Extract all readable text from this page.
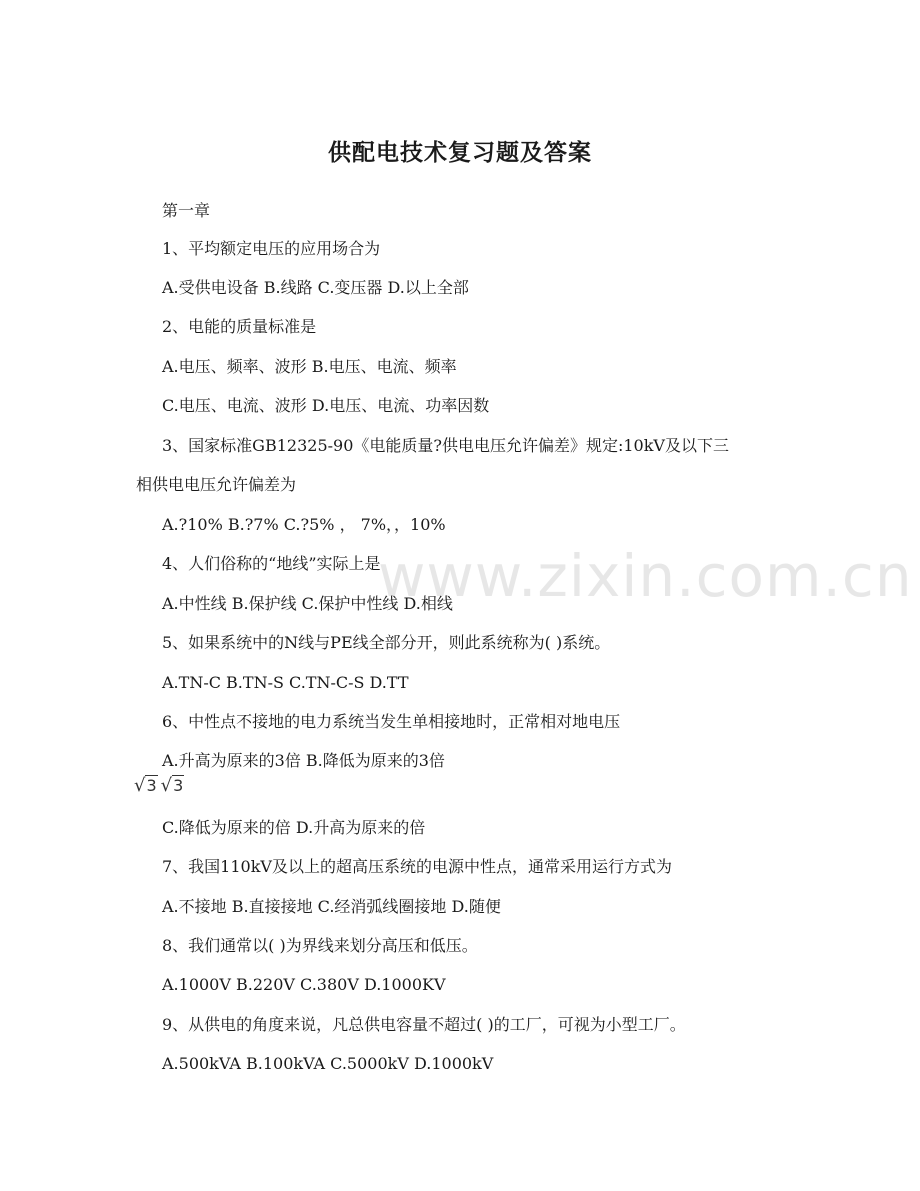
供配电技术复习题及答案
第一章
1、平均额定电压的应用场合为
A.受供电设备 B.线路 C.变压器 D.以上全部
2、电能的质量标准是
A.电压、频率、波形 B.电压、电流、频率
C.电压、电流、波形 D.电压、电流、功率因数
3、国家标准GB12325-90《电能质量?供电电压允许偏差》规定:10kV及以下三
相供电电压允许偏差为
A.?10% B.?7% C.?5% ， 7%，，10%
4、人们俗称的“地线”实际上是
A.中性线 B.保护线 C.保护中性线 D.相线
5、如果系统中的N线与PE线全部分开，则此系统称为( )系统。
A.TN-C B.TN-S C.TN-C-S D.TT
6、中性点不接地的电力系统当发生单相接地时，正常相对地电压
A.升高为原来的3倍 B.降低为原来的3倍
√3 √3
C.降低为原来的倍 D.升高为原来的倍
7、我国110kV及以上的超高压系统的电源中性点，通常采用运行方式为
A.不接地 B.直接接地 C.经消弧线圈接地 D.随便
8、我们通常以( )为界线来划分高压和低压。
A.1000V B.220V C.380V D.1000KV
9、从供电的角度来说，凡总供电容量不超过( )的工厂，可视为小型工厂。
A.500kVA B.100kVA C.5000kV D.1000kV
www.zixin.com.cn
